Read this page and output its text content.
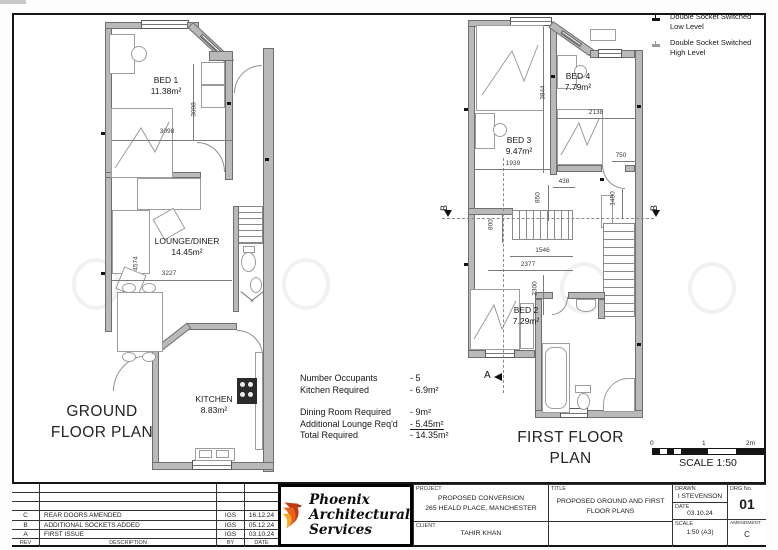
3098
3098
4574
3227
BED 1
11.38m²
LOUNGE/DINER
14.45m²
KITCHEN
8.83m²
B	B
A
3844
2138
750
1939
438
850
800
1450
1546
2377
2300
BED 3
9.47m²
BED 4
7.79m²
BED 2
7.29m²
GROUND
FLOOR PLAN	FIRST FLOOR
PLAN
Number Occupants	- 5
Kitchen Required	- 6.9m²
Dining Room Required - 9m²
Additional Lounge Req'd - 5.45m²
Total Required	- 14.35m²
Double Socket Switched
Low Level
Double Socket Switched
High Level
0	1	2m
SCALE 1:50
C	REAR DOORS AMENDED	IGS	16.12.24
B	ADDITIONAL SOCKETS ADDED	IGS	05.12.24
A	FIRST ISSUE	IGS	03.10.24
REV	DESCRIPTION	BY	DATE
Phoenix
Architectural
Services
PROJECT
PROPOSED CONVERSION
265 HEALD PLACE, MANCHESTER
CLIENT
TAHIR KHAN
TITLE
PROPOSED GROUND AND FIRST
FLOOR PLANS
DRAWN
I STEVENSON
DATE
03.10.24
SCALE
1:50 (A3)
DRG No.
01
AMENDMENT
C
